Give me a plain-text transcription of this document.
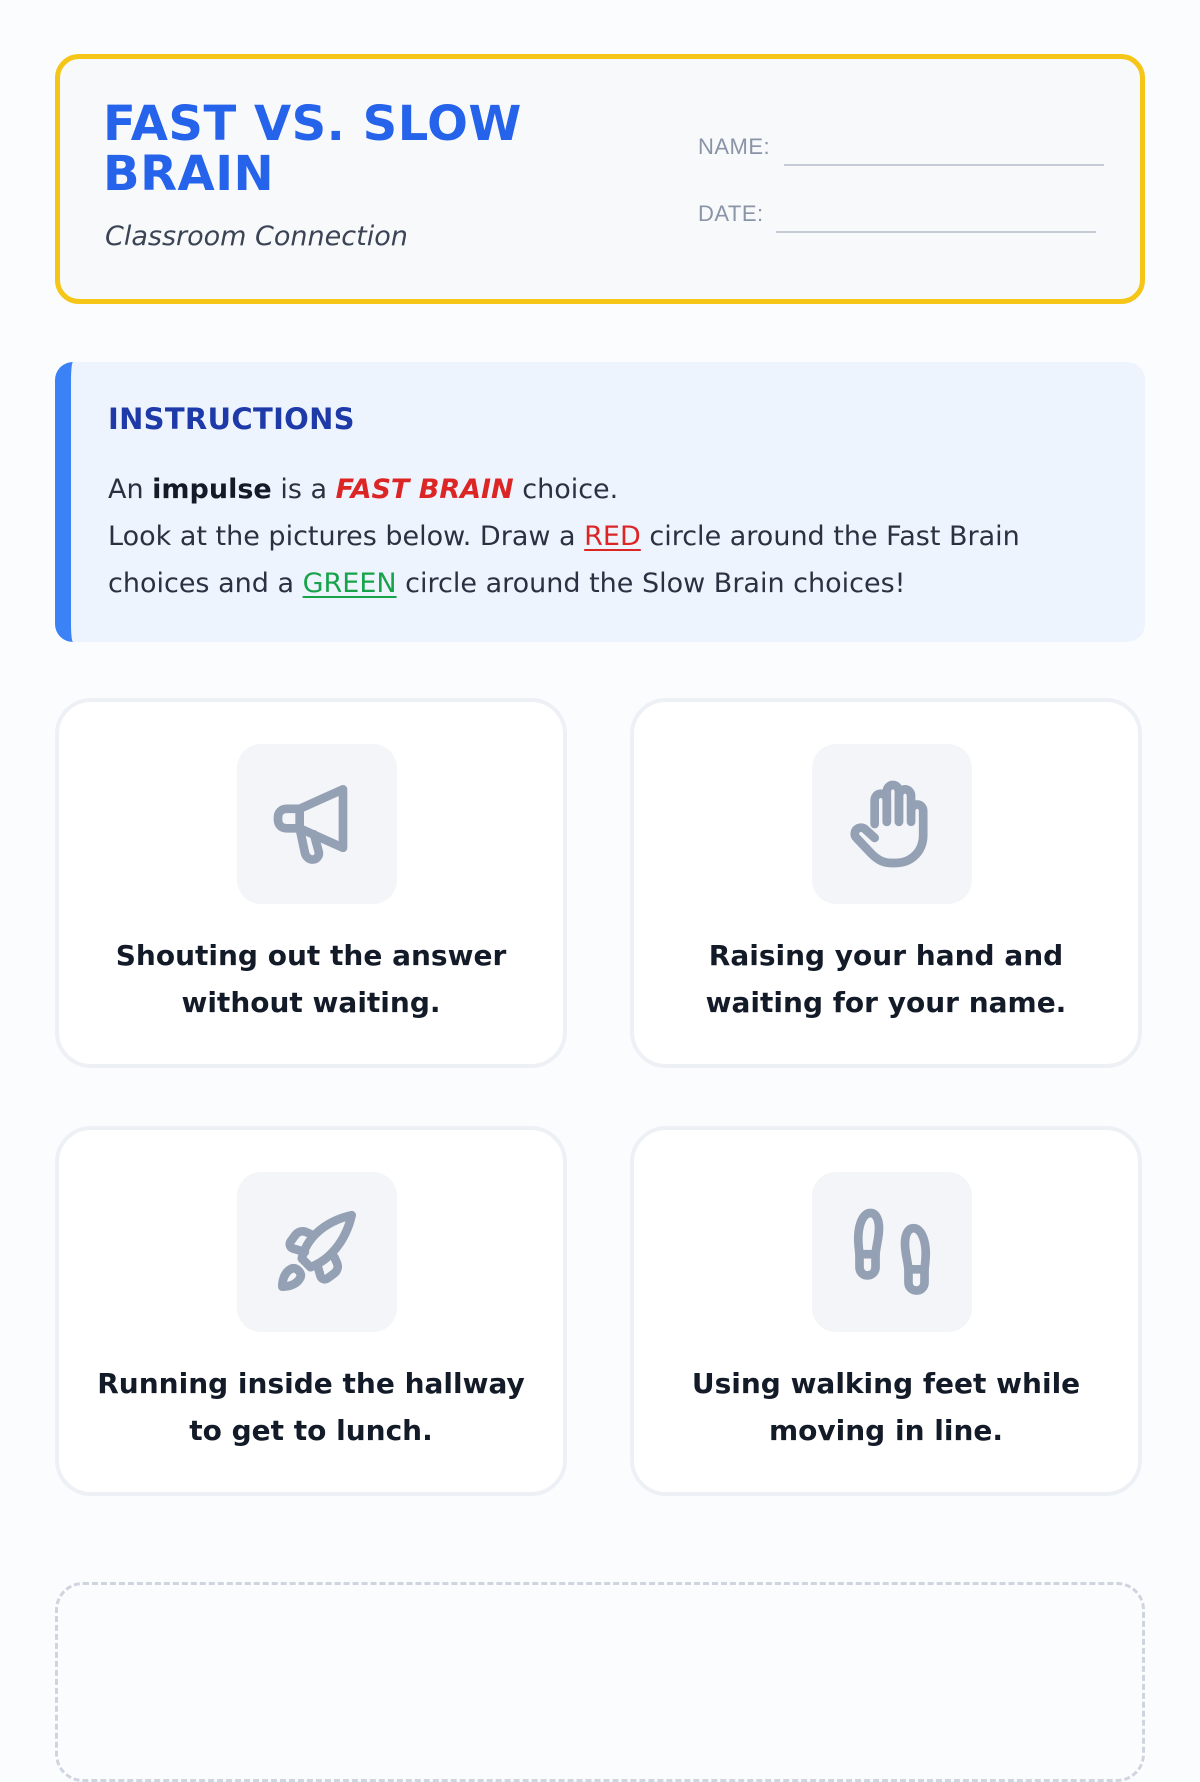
FAST VS. SLOW BRAIN

Classroom Connection

NAME:
DATE:
INSTRUCTIONS

An impulse is a FAST BRAIN choice.

Look at the pictures below. Draw a RED circle around the Fast Brain choices and a GREEN circle around the Slow Brain choices!

Shouting out the answer without waiting.

Raising your hand and waiting for your name.

Running inside the hallway to get to lunch.

Using walking feet while moving in line.
